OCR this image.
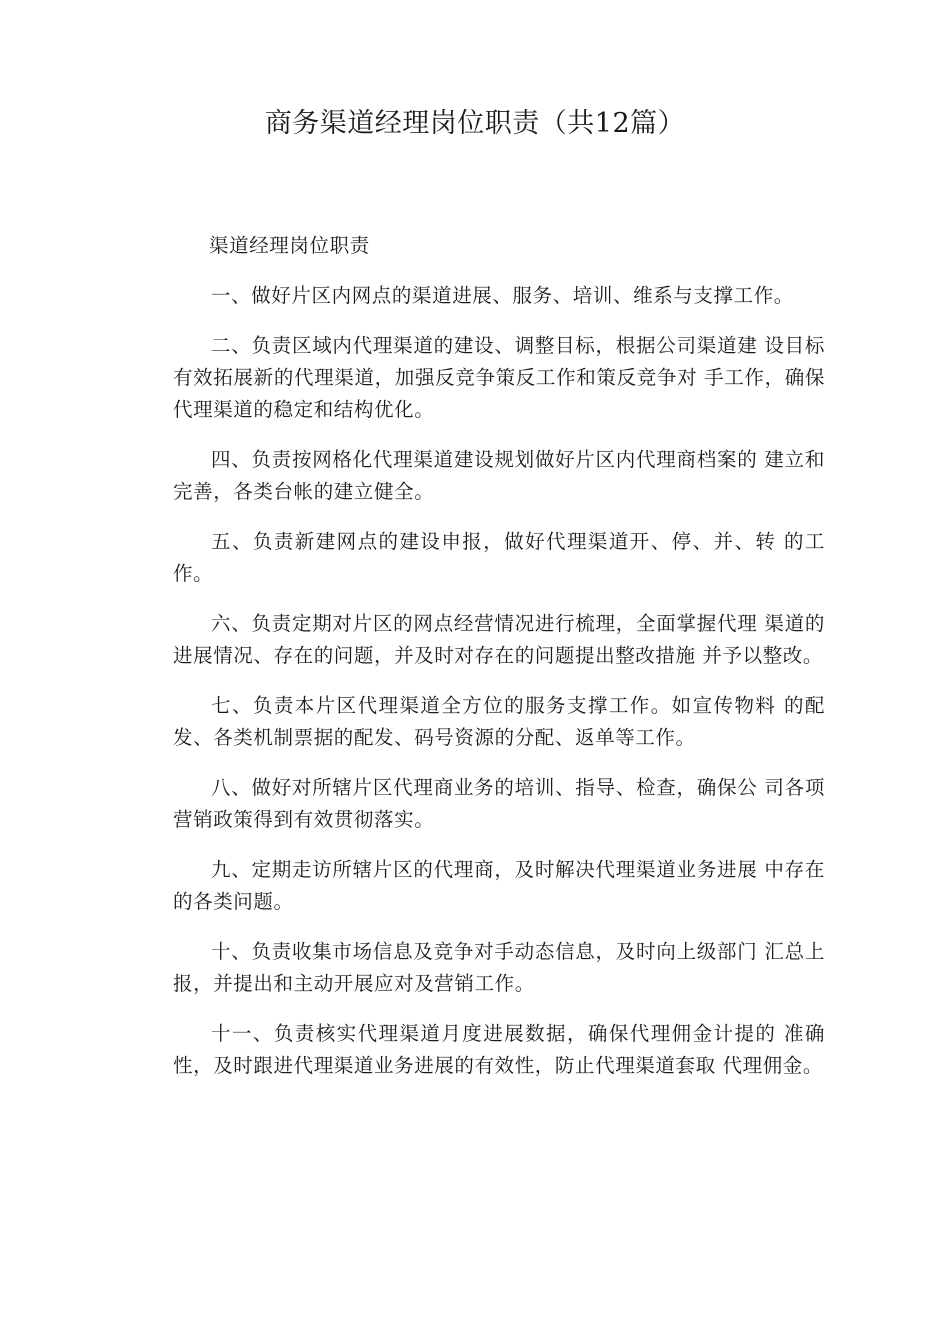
商务渠道经理岗位职责（共12篇）

渠道经理岗位职责

一、做好片区内网点的渠道进展、服务、培训、维系与支撑工作。

二、负责区域内代理渠道的建设、调整目标，根据公司渠道建 设目标有效拓展新的代理渠道，加强反竞争策反工作和策反竞争对 手工作，确保代理渠道的稳定和结构优化。

四、负责按网格化代理渠道建设规划做好片区内代理商档案的 建立和完善，各类台帐的建立健全。

五、负责新建网点的建设申报，做好代理渠道开、停、并、转 的工作。

六、负责定期对片区的网点经营情况进行梳理，全面掌握代理 渠道的进展情况、存在的问题，并及时对存在的问题提出整改措施 并予以整改。

七、负责本片区代理渠道全方位的服务支撑工作。如宣传物料 的配发、各类机制票据的配发、码号资源的分配、返单等工作。

八、做好对所辖片区代理商业务的培训、指导、检查，确保公 司各项营销政策得到有效贯彻落实。

九、定期走访所辖片区的代理商，及时解决代理渠道业务进展 中存在的各类问题。

十、负责收集市场信息及竞争对手动态信息，及时向上级部门 汇总上报，并提出和主动开展应对及营销工作。

十一、负责核实代理渠道月度进展数据，确保代理佣金计提的 准确性，及时跟进代理渠道业务进展的有效性，防止代理渠道套取 代理佣金。
